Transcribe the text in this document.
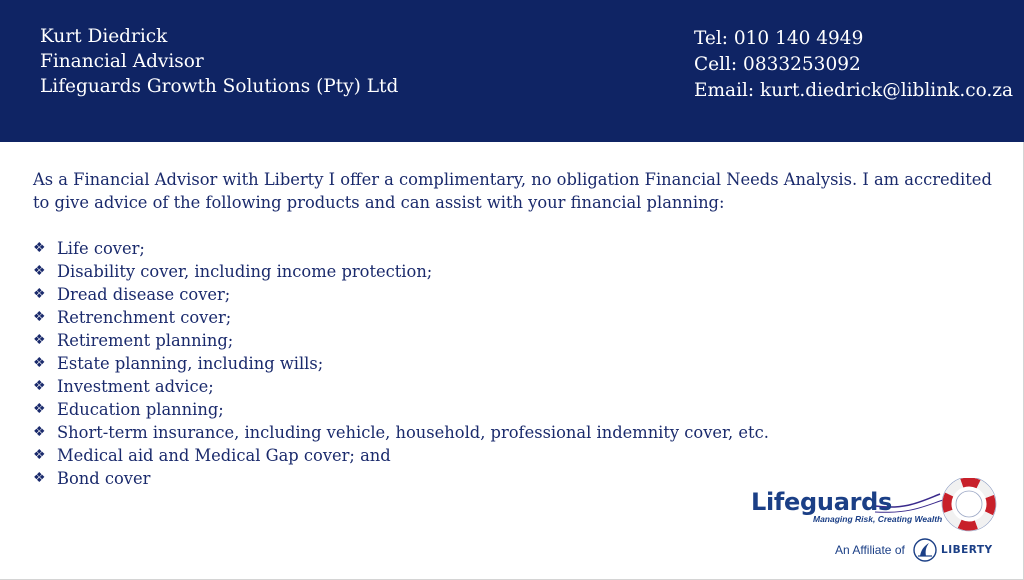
Kurt Diedrick
Financial Advisor
Lifeguards Growth Solutions (Pty) Ltd
Tel: 010 140 4949
Cell: 0833253092
Email: kurt.diedrick@liblink.co.za

As a Financial Advisor with Liberty I offer a complimentary, no obligation Financial Needs Analysis. I am accredited to give advice of the following products and can assist with your financial planning:

❖ Life cover;
❖ Disability cover, including income protection;
❖ Dread disease cover;
❖ Retrenchment cover;
❖ Retirement planning;
❖ Estate planning, including wills;
❖ Investment advice;
❖ Education planning;
❖ Short-term insurance, including vehicle, household, professional indemnity cover, etc.
❖ Medical aid and Medical Gap cover; and
❖ Bond cover
Lifeguards
Managing Risk, Creating Wealth
An Affiliate of	LIBERTY
